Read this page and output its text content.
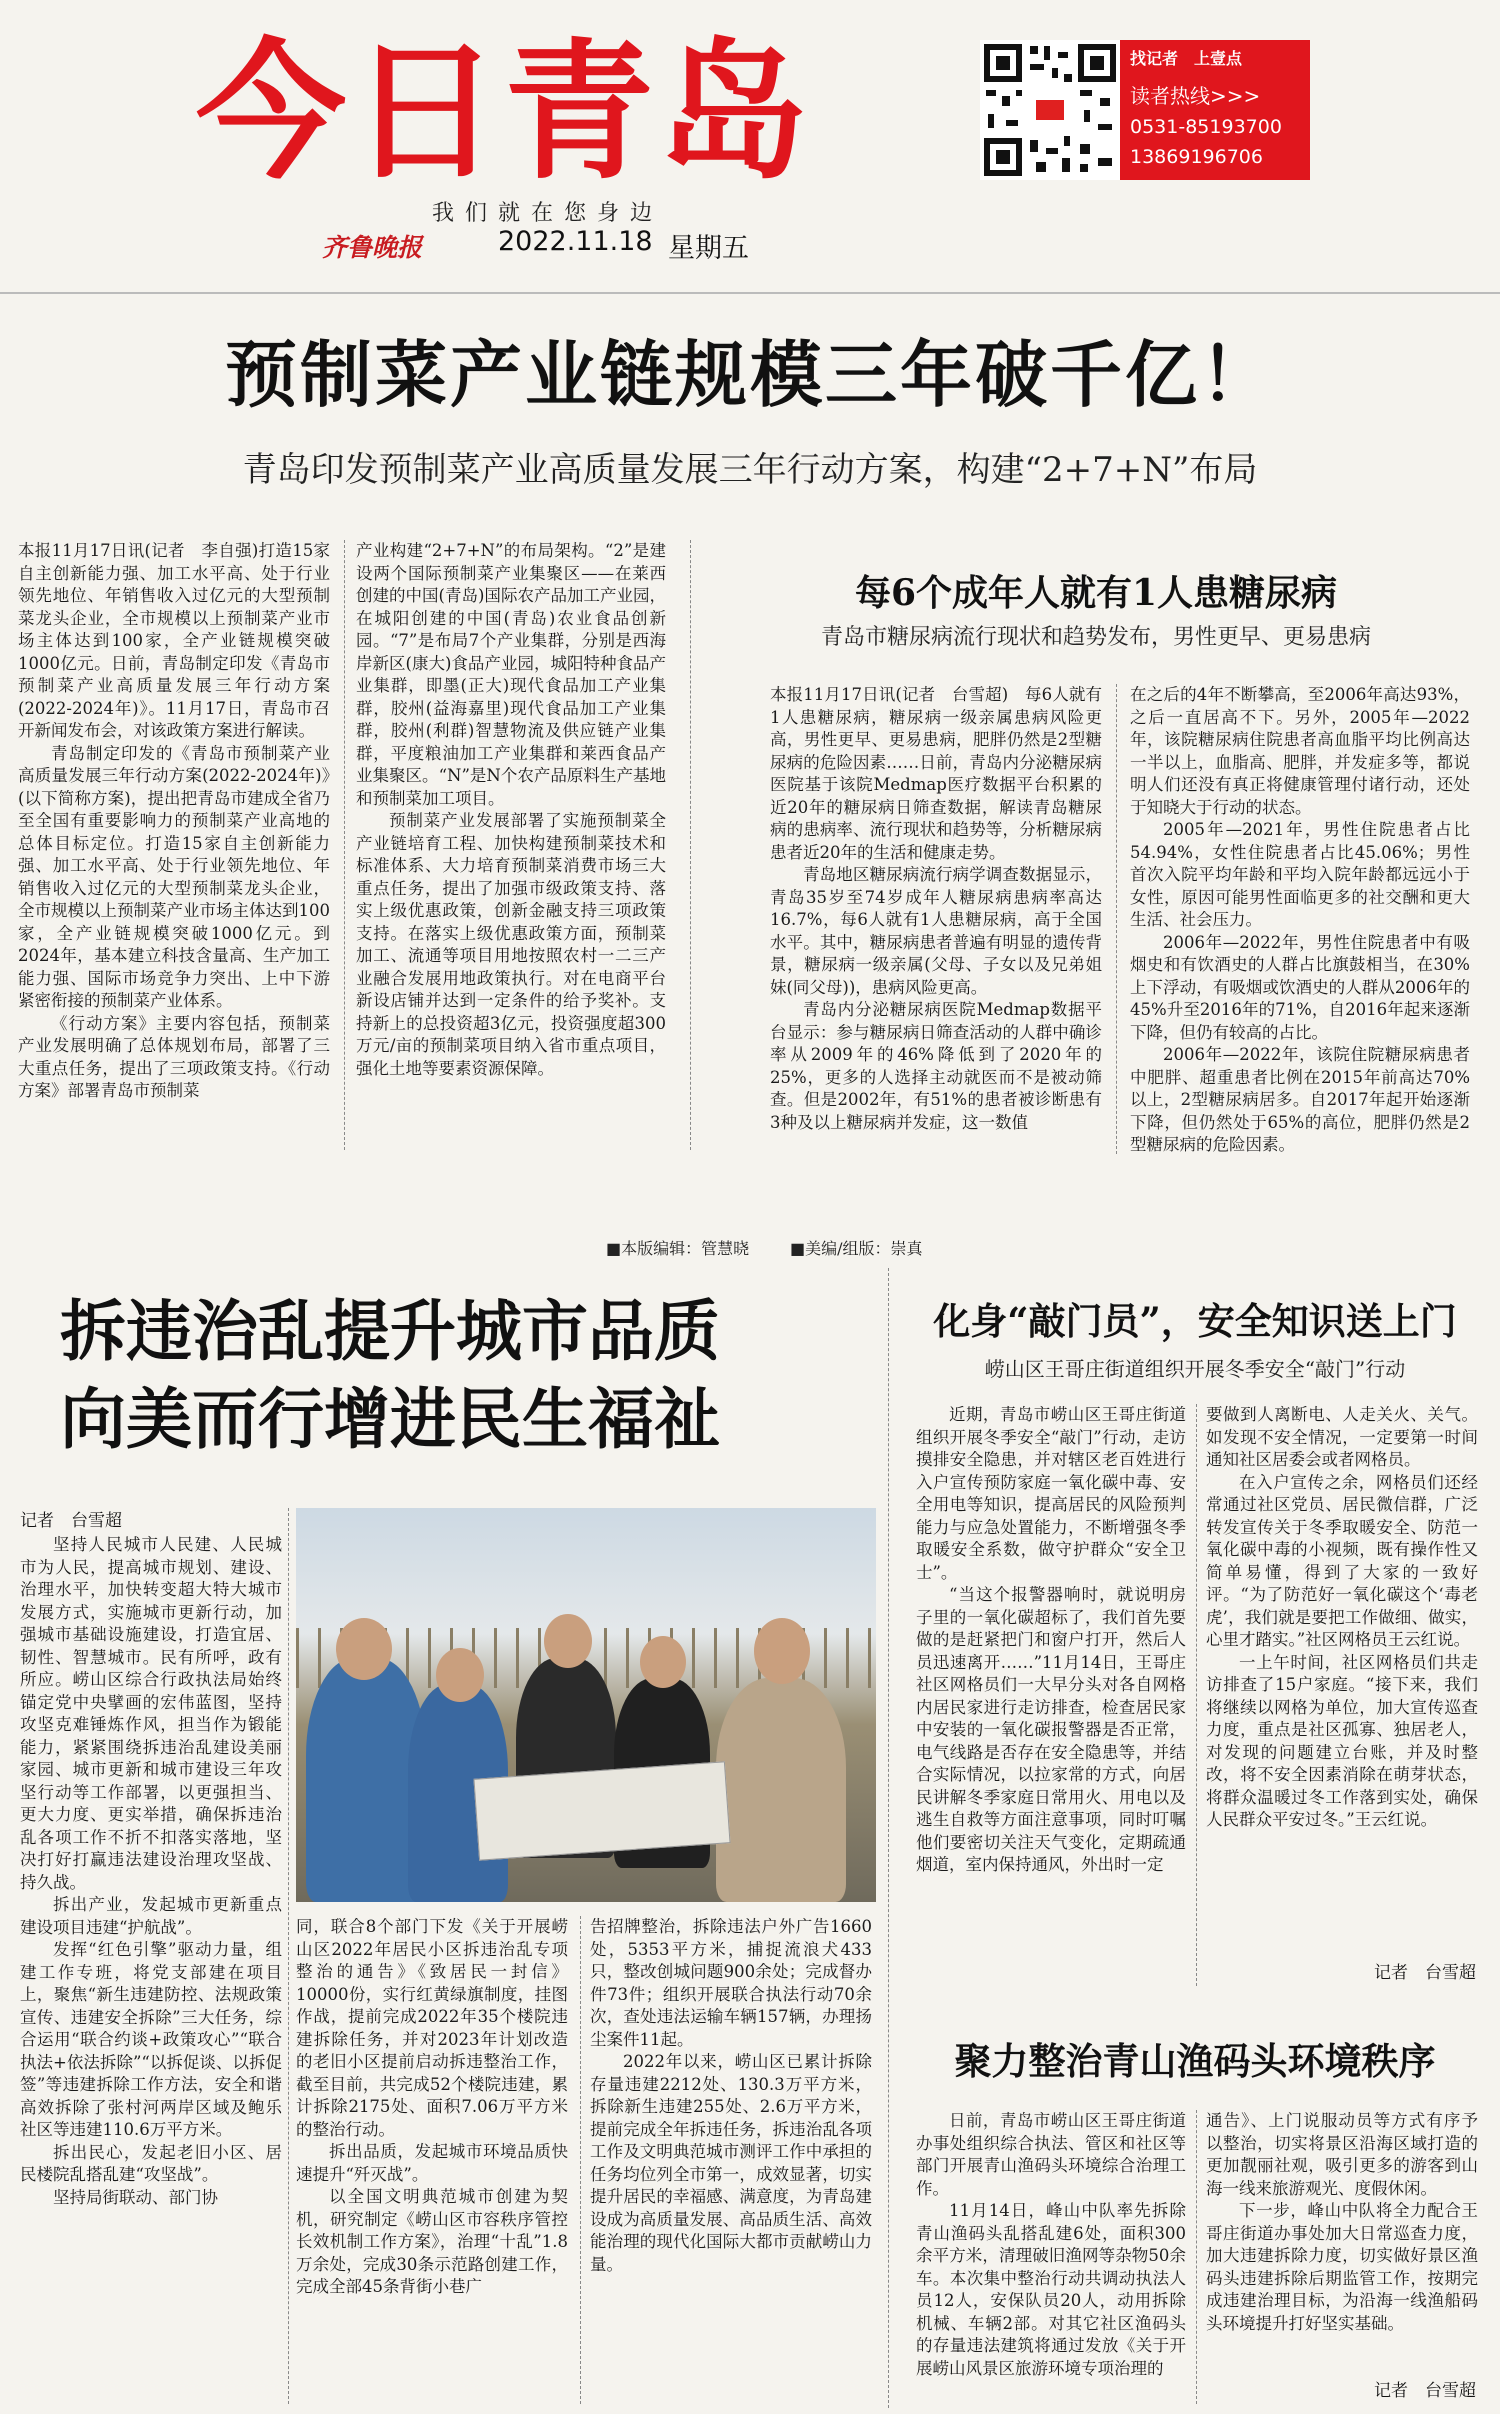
今日青岛
我们就在您身边
齐鲁晚报	2022.11.18 星期五
找记者　上壹点
读者热线>>>
0531-85193700
13869196706
预制菜产业链规模三年破千亿！
青岛印发预制菜产业高质量发展三年行动方案，构建“2+7+N”布局

本报11月17日讯(记者　李自强)打造15家自主创新能力强、加工水平高、处于行业领先地位、年销售收入过亿元的大型预制菜龙头企业，全市规模以上预制菜产业市场主体达到100家，全产业链规模突破1000亿元。日前，青岛制定印发《青岛市预制菜产业高质量发展三年行动方案(2022-2024年)》。11月17日，青岛市召开新闻发布会，对该政策方案进行解读。

青岛制定印发的《青岛市预制菜产业高质量发展三年行动方案(2022-2024年)》(以下简称方案)，提出把青岛市建成全省乃至全国有重要影响力的预制菜产业高地的总体目标定位。打造15家自主创新能力强、加工水平高、处于行业领先地位、年销售收入过亿元的大型预制菜龙头企业，全市规模以上预制菜产业市场主体达到100家，全产业链规模突破1000亿元。到2024年，基本建立科技含量高、生产加工能力强、国际市场竞争力突出、上中下游紧密衔接的预制菜产业体系。

《行动方案》主要内容包括，预制菜产业发展明确了总体规划布局，部署了三大重点任务，提出了三项政策支持。《行动方案》部署青岛市预制菜

产业构建“2+7+N”的布局架构。“2”是建设两个国际预制菜产业集聚区——在莱西创建的中国(青岛)国际农产品加工产业园，在城阳创建的中国(青岛)农业食品创新园。“7”是布局7个产业集群，分别是西海岸新区(康大)食品产业园，城阳特种食品产业集群，即墨(正大)现代食品加工产业集群，胶州(益海嘉里)现代食品加工产业集群，胶州(利群)智慧物流及供应链产业集群，平度粮油加工产业集群和莱西食品产业集聚区。“N”是N个农产品原料生产基地和预制菜加工项目。

预制菜产业发展部署了实施预制菜全产业链培育工程、加快构建预制菜技术和标准体系、大力培育预制菜消费市场三大重点任务，提出了加强市级政策支持、落实上级优惠政策，创新金融支持三项政策支持。在落实上级优惠政策方面，预制菜加工、流通等项目用地按照农村一二三产业融合发展用地政策执行。对在电商平台新设店铺并达到一定条件的给予奖补。支持新上的总投资超3亿元，投资强度超300万元/亩的预制菜项目纳入省市重点项目，强化土地等要素资源保障。

每6个成年人就有1人患糖尿病
青岛市糖尿病流行现状和趋势发布，男性更早、更易患病

本报11月17日讯(记者　台雪超)　每6人就有1人患糖尿病，糖尿病一级亲属患病风险更高，男性更早、更易患病，肥胖仍然是2型糖尿病的危险因素……日前，青岛内分泌糖尿病医院基于该院Medmap医疗数据平台积累的近20年的糖尿病日筛查数据，解读青岛糖尿病的患病率、流行现状和趋势等，分析糖尿病患者近20年的生活和健康走势。

青岛地区糖尿病流行病学调查数据显示，青岛35岁至74岁成年人糖尿病患病率高达16.7%，每6人就有1人患糖尿病，高于全国水平。其中，糖尿病患者普遍有明显的遗传背景，糖尿病一级亲属(父母、子女以及兄弟姐妹(同父母))，患病风险更高。

青岛内分泌糖尿病医院Medmap数据平台显示：参与糖尿病日筛查活动的人群中确诊率从2009年的46%降低到了2020年的25%，更多的人选择主动就医而不是被动筛查。但是2002年，有51%的患者被诊断患有3种及以上糖尿病并发症，这一数值

在之后的4年不断攀高，至2006年高达93%，之后一直居高不下。另外，2005年—2022年，该院糖尿病住院患者高血脂平均比例高达一半以上，血脂高、肥胖，并发症多等，都说明人们还没有真正将健康管理付诸行动，还处于知晓大于行动的状态。

2005年—2021年，男性住院患者占比54.94%，女性住院患者占比45.06%；男性首次入院平均年龄和平均入院年龄都远远小于女性，原因可能男性面临更多的社交酬和更大生活、社会压力。

2006年—2022年，男性住院患者中有吸烟史和有饮酒史的人群占比旗鼓相当，在30%上下浮动，有吸烟或饮酒史的人群从2006年的45%升至2016年的71%，自2016年起来逐渐下降，但仍有较高的占比。

2006年—2022年，该院住院糖尿病患者中肥胖、超重患者比例在2015年前高达70%以上，2型糖尿病居多。自2017年起开始逐渐下降，但仍然处于65%的高位，肥胖仍然是2型糖尿病的危险因素。

■本版编辑：管慧晓	■美编/组版：崇真
拆违治乱提升城市品质
向美而行增进民生福祉
记者　台雪超

坚持人民城市人民建、人民城市为人民，提高城市规划、建设、治理水平，加快转变超大特大城市发展方式，实施城市更新行动，加强城市基础设施建设，打造宜居、韧性、智慧城市。民有所呼，政有所应。崂山区综合行政执法局始终锚定党中央擘画的宏伟蓝图，坚持攻坚克难锤炼作风，担当作为锻能能力，紧紧围绕拆违治乱建设美丽家园、城市更新和城市建设三年攻坚行动等工作部署，以更强担当、更大力度、更实举措，确保拆违治乱各项工作不折不扣落实落地，坚决打好打赢违法建设治理攻坚战、持久战。

拆出产业，发起城市更新重点建设项目违建“护航战”。

发挥“红色引擎”驱动力量，组建工作专班，将党支部建在项目上，聚焦“新生违建防控、法规政策宣传、违建安全拆除”三大任务，综合运用“联合约谈+政策攻心”“联合执法+依法拆除”“以拆促谈、以拆促签”等违建拆除工作方法，安全和谐高效拆除了张村河两岸区域及鲍乐社区等违建110.6万平方米。

拆出民心，发起老旧小区、居民楼院乱搭乱建“攻坚战”。

坚持局街联动、部门协

同，联合8个部门下发《关于开展崂山区2022年居民小区拆违治乱专项整治的通告》《致居民一封信》10000份，实行红黄绿旗制度，挂图作战，提前完成2022年35个楼院违建拆除任务，并对2023年计划改造的老旧小区提前启动拆违整治工作，截至目前，共完成52个楼院违建，累计拆除2175处、面积7.06万平方米的整治行动。

拆出品质，发起城市环境品质快速提升“歼灭战”。

以全国文明典范城市创建为契机，研究制定《崂山区市容秩序管控长效机制工作方案》，治理“十乱”1.8万余处，完成30条示范路创建工作，完成全部45条背街小巷广

告招牌整治，拆除违法户外广告1660处，5353平方米，捕捉流浪犬433只，整改创城问题900余处；完成督办件73件；组织开展联合执法行动70余次，查处违法运输车辆157辆，办理扬尘案件11起。

2022年以来，崂山区已累计拆除存量违建2212处、130.3万平方米，拆除新生违建255处、2.6万平方米，提前完成全年拆违任务，拆违治乱各项工作及文明典范城市测评工作中承担的任务均位列全市第一，成效显著，切实提升居民的幸福感、满意度，为青岛建设成为高质量发展、高品质生活、高效能治理的现代化国际大都市贡献崂山力量。

化身“敲门员”，安全知识送上门
崂山区王哥庄街道组织开展冬季安全“敲门”行动

近期，青岛市崂山区王哥庄街道组织开展冬季安全“敲门”行动，走访摸排安全隐患，并对辖区老百姓进行入户宣传预防家庭一氧化碳中毒、安全用电等知识，提高居民的风险预判能力与应急处置能力，不断增强冬季取暖安全系数，做守护群众“安全卫士”。

“当这个报警器响时，就说明房子里的一氧化碳超标了，我们首先要做的是赶紧把门和窗户打开，然后人员迅速离开……”11月14日，王哥庄社区网格员们一大早分头对各自网格内居民家进行走访排查，检查居民家中安装的一氧化碳报警器是否正常，电气线路是否存在安全隐患等，并结合实际情况，以拉家常的方式，向居民讲解冬季家庭日常用火、用电以及逃生自救等方面注意事项，同时叮嘱他们要密切关注天气变化，定期疏通烟道，室内保持通风，外出时一定

要做到人离断电、人走关火、关气。如发现不安全情况，一定要第一时间通知社区居委会或者网格员。

在入户宣传之余，网格员们还经常通过社区党员、居民微信群，广泛转发宣传关于冬季取暖安全、防范一氧化碳中毒的小视频，既有操作性又简单易懂，得到了大家的一致好评。“为了防范好一氧化碳这个‘毒老虎’，我们就是要把工作做细、做实，心里才踏实。”社区网格员王云红说。

一上午时间，社区网格员们共走访排查了15户家庭。“接下来，我们将继续以网格为单位，加大宣传巡查力度，重点是社区孤寡、独居老人，对发现的问题建立台账，并及时整改，将不安全因素消除在萌芽状态，将群众温暖过冬工作落到实处，确保人民群众平安过冬。”王云红说。

记者　台雪超
聚力整治青山渔码头环境秩序

日前，青岛市崂山区王哥庄街道办事处组织综合执法、管区和社区等部门开展青山渔码头环境综合治理工作。

11月14日，峰山中队率先拆除青山渔码头乱搭乱建6处，面积300余平方米，清理破旧渔网等杂物50余车。本次集中整治行动共调动执法人员12人，安保队员20人，动用拆除机械、车辆2部。对其它社区渔码头的存量违法建筑将通过发放《关于开展崂山风景区旅游环境专项治理的

通告》、上门说服动员等方式有序予以整治，切实将景区沿海区域打造的更加靓丽社观，吸引更多的游客到山海一线来旅游观光、度假休闲。

下一步，峰山中队将全力配合王哥庄街道办事处加大日常巡查力度，加大违建拆除力度，切实做好景区渔码头违建拆除后期监管工作，按期完成违建治理目标，为沿海一线渔船码头环境提升打好坚实基础。

记者　台雪超
